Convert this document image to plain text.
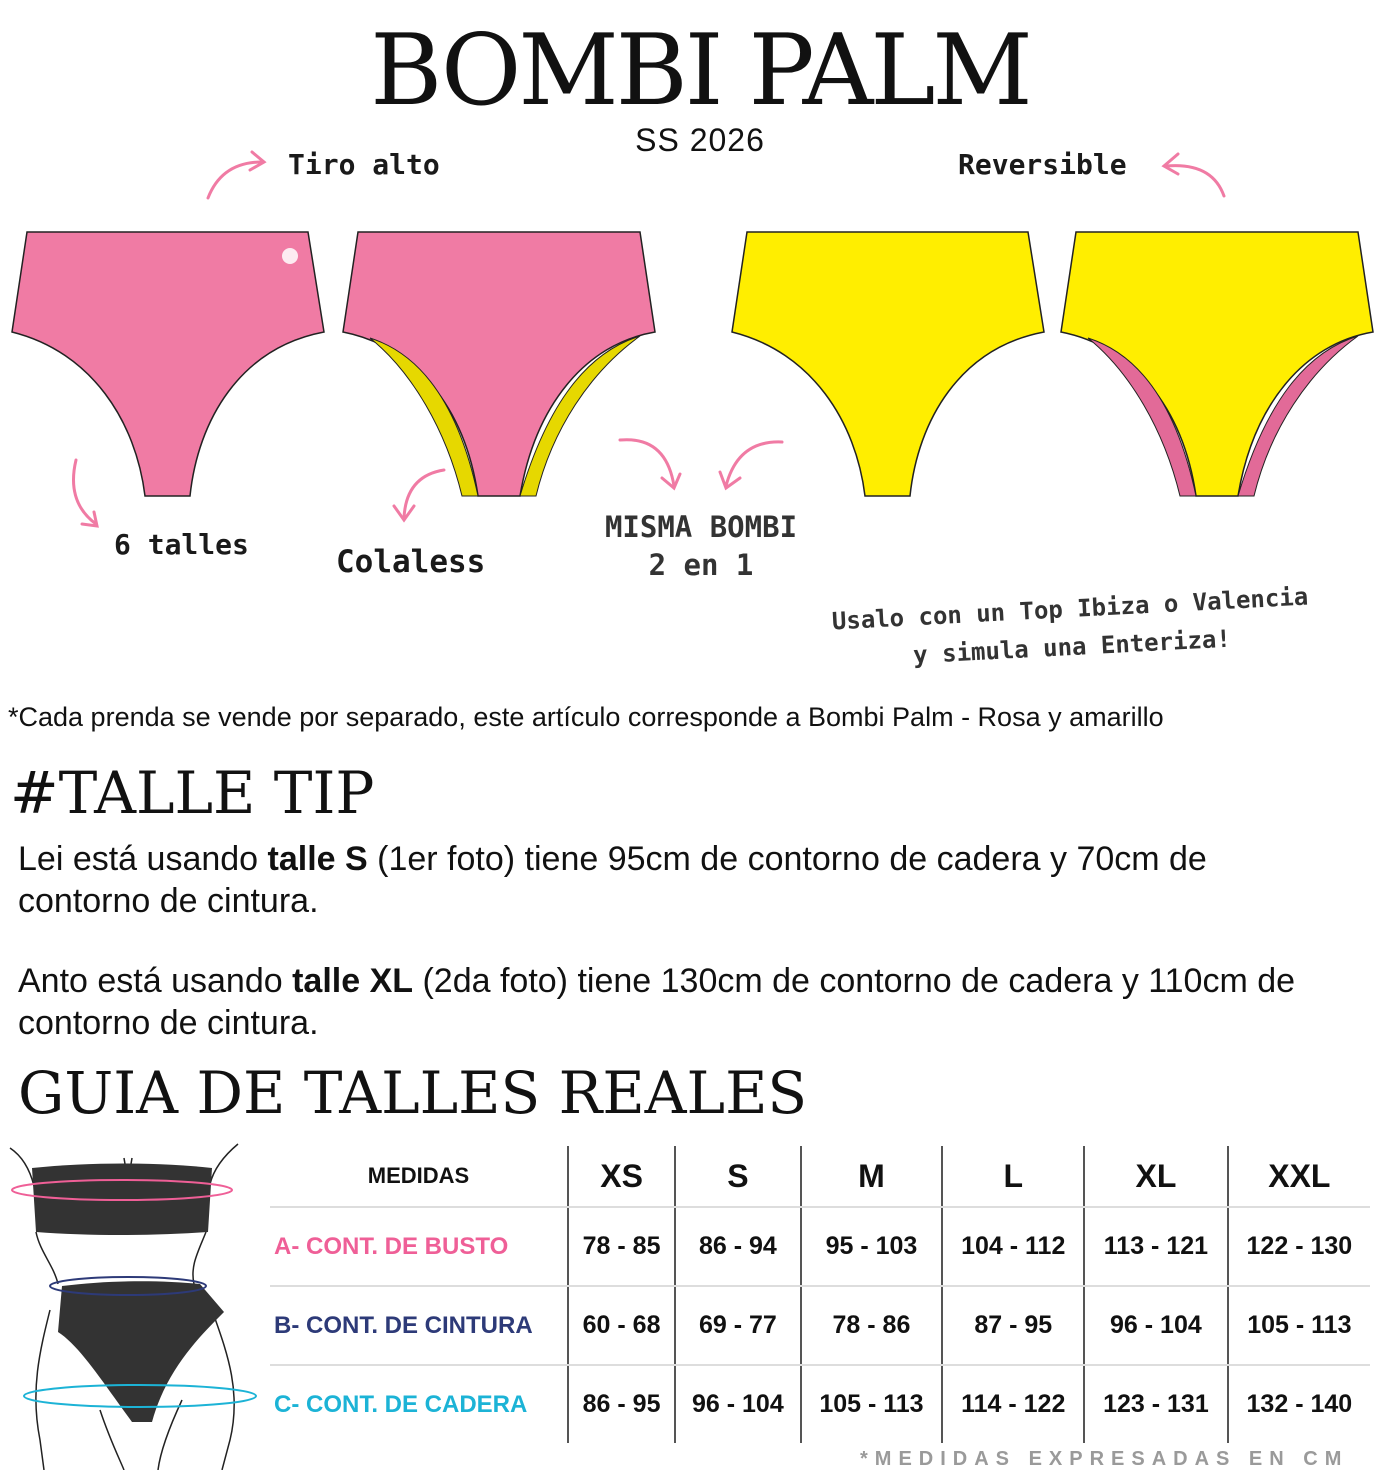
BOMBI PALM
SS 2026
Tiro alto	Reversible
6 talles	Colaless
MISMA BOMBI
2 en 1
Usalo con un Top Ibiza o Valencia
y simula una Enteriza!
*Cada prenda se vende por separado, este artículo corresponde a Bombi Palm - Rosa y amarillo
#TALLE TIP
Lei está usando talle S (1er foto) tiene 95cm de contorno de cadera y 70cm de contorno de cintura.
Anto está usando talle XL (2da foto) tiene 130cm de contorno de cadera y 110cm de contorno de cintura.
GUIA DE TALLES REALES
MEDIDAS	XS	S	M	L	XL	XXL
A- CONT. DE BUSTO	78 - 85	86 - 94	95 - 103	104 - 112	113 - 121	122 - 130
B- CONT. DE CINTURA	60 - 68	69 - 77	78 - 86	87 - 95	96 - 104	105 - 113
C- CONT. DE CADERA	86 - 95	96 - 104	105 - 113	114 - 122	123 - 131	132 - 140
*MEDIDAS EXPRESADAS EN CM
